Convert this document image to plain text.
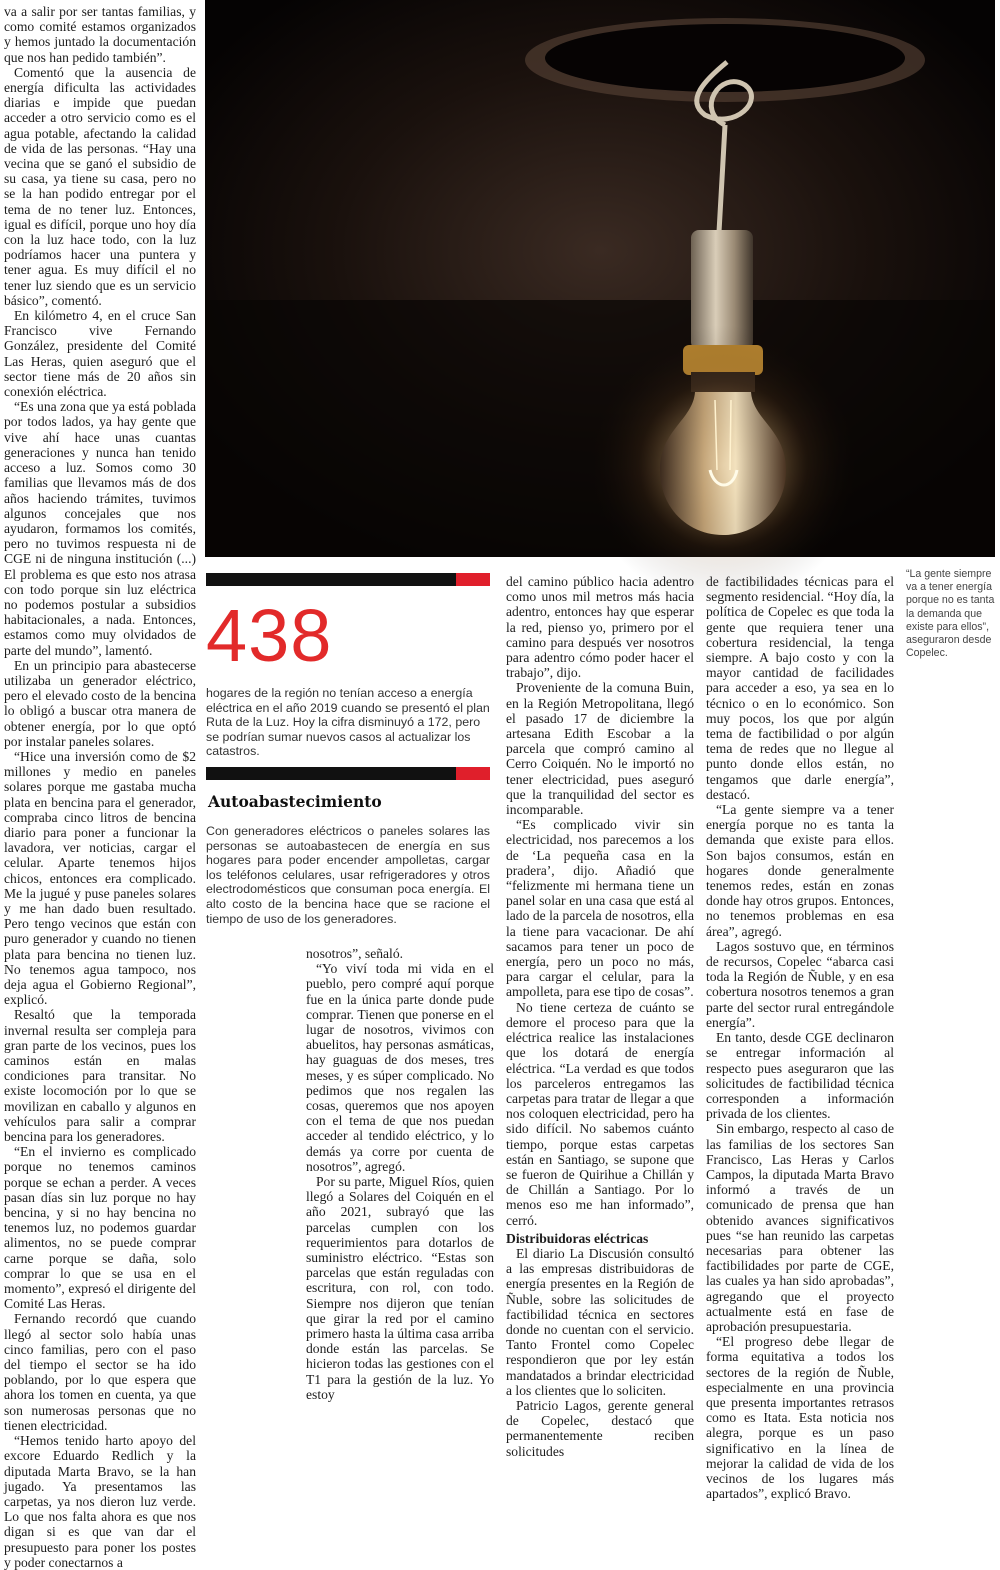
va a salir por ser tantas familias, y como comité estamos organizados y hemos juntado la documentación que nos han pedido también”.

Comentó que la ausencia de energía dificulta las actividades diarias e impide que puedan acceder a otro servicio como es el agua potable, afectando la calidad de vida de las personas. “Hay una vecina que se ganó el subsidio de su casa, ya tiene su casa, pero no se la han podido entregar por el tema de no tener luz. Entonces, igual es difícil, porque uno hoy día con la luz hace todo, con la luz podríamos hacer una puntera y tener agua. Es muy difícil el no tener luz siendo que es un servicio básico”, comentó.

En kilómetro 4, en el cruce San Francisco vive Fernando González, presidente del Comité Las Heras, quien aseguró que el sector tiene más de 20 años sin conexión eléctrica.

“Es una zona que ya está poblada por todos lados, ya hay gente que vive ahí hace unas cuantas generaciones y nunca han tenido acceso a luz. Somos como 30 familias que llevamos más de dos años haciendo trámites, tuvimos algunos concejales que nos ayudaron, formamos los comités, pero no tuvimos respuesta ni de CGE ni de ninguna institución (...) El problema es que esto nos atrasa con todo porque sin luz eléctrica no podemos postular a subsidios habitacionales, a nada. Entonces, estamos como muy olvidados de parte del mundo”, lamentó.

En un principio para abastecerse utilizaba un generador eléctrico, pero el elevado costo de la bencina lo obligó a buscar otra manera de obtener energía, por lo que optó por instalar paneles solares.

“Hice una inversión como de $2 millones y medio en paneles solares porque me gastaba mucha plata en bencina para el generador, compraba cinco litros de bencina diario para poner a funcionar la lavadora, ver noticias, cargar el celular. Aparte tenemos hijos chicos, entonces era complicado. Me la jugué y puse paneles solares y me han dado buen resultado. Pero tengo vecinos que están con puro generador y cuando no tienen plata para bencina no tienen luz. No tenemos agua tampoco, nos deja agua el Gobierno Regional”, explicó.

Resaltó que la temporada invernal resulta ser compleja para gran parte de los vecinos, pues los caminos están en malas condiciones para transitar. No existe locomoción por lo que se movilizan en caballo y algunos en vehículos para salir a comprar bencina para los generadores.

“En el invierno es complicado porque no tenemos caminos porque se echan a perder. A veces pasan días sin luz porque no hay bencina, y si no hay bencina no tenemos luz, no podemos guardar alimentos, no se puede comprar carne porque se daña, solo comprar lo que se usa en el momento”, expresó el dirigente del Comité Las Heras.

Fernando recordó que cuando llegó al sector solo había unas cinco familias, pero con el paso del tiempo el sector se ha ido poblando, por lo que espera que ahora los tomen en cuenta, ya que son numerosas personas que no tienen electricidad.

“Hemos tenido harto apoyo del excore Eduardo Redlich y la diputada Marta Bravo, se la han jugado. Ya presentamos las carpetas, ya nos dieron luz verde. Lo que nos falta ahora es que nos digan si es que van dar el presupuesto para poner los postes y poder conectarnos a

438
hogares de la región no tenían acceso a energía eléctrica en el año 2019 cuando se presentó el plan Ruta de la Luz. Hoy la cifra disminuyó a 172, pero se podrían sumar nuevos casos al actualizar los catastros.
Autoabastecimiento
Con generadores eléctricos o paneles solares las personas se autoabastecen de energía en sus hogares para poder encender ampolletas, cargar los teléfonos celulares, usar refrigeradores y otros electrodomésticos que consuman poca energía. El alto costo de la bencina hace que se racione el tiempo de uso de los generadores.

nosotros”, señaló.

“Yo viví toda mi vida en el pueblo, pero compré aquí porque fue en la única parte donde pude comprar. Tienen que ponerse en el lugar de nosotros, vivimos con abuelitos, hay personas asmáticas, hay guaguas de dos meses, tres meses, y es súper complicado. No pedimos que nos regalen las cosas, queremos que nos apoyen con el tema de que nos puedan acceder al tendido eléctrico, y lo demás ya corre por cuenta de nosotros”, agregó.

Por su parte, Miguel Ríos, quien llegó a Solares del Coiquén en el año 2021, subrayó que las parcelas cumplen con los requerimientos para dotarlos de suministro eléctrico. “Estas son parcelas que están reguladas con escritura, con rol, con todo. Siempre nos dijeron que tenían que girar la red por el camino primero hasta la última casa arriba donde están las parcelas. Se hicieron todas las gestiones con el T1 para la gestión de la luz. Yo estoy

del camino público hacia adentro como unos mil metros más hacia adentro, entonces hay que esperar la red, pienso yo, primero por el camino para después ver nosotros para adentro cómo poder hacer el trabajo”, dijo.

Proveniente de la comuna Buin, en la Región Metropolitana, llegó el pasado 17 de diciembre la artesana Edith Escobar a la parcela que compró camino al Cerro Coiquén. No le importó no tener electricidad, pues aseguró que la tranquilidad del sector es incomparable.

“Es complicado vivir sin electricidad, nos parecemos a los de ‘La pequeña casa en la pradera’, dijo. Añadió que “felizmente mi hermana tiene un panel solar en una casa que está al lado de la parcela de nosotros, ella la tiene para vacacionar. De ahí sacamos para tener un poco de energía, pero un poco no más, para cargar el celular, para la ampolleta, para ese tipo de cosas”.

No tiene certeza de cuánto se demore el proceso para que la eléctrica realice las instalaciones que los dotará de energía eléctrica. “La verdad es que todos los parceleros entregamos las carpetas para tratar de llegar a que nos coloquen electricidad, pero ha sido difícil. No sabemos cuánto tiempo, porque estas carpetas están en Santiago, se supone que se fueron de Quirihue a Chillán y de Chillán a Santiago. Por lo menos eso me han informado”, cerró.

Distribuidoras eléctricas

El diario La Discusión consultó a las empresas distribuidoras de energía presentes en la Región de Ñuble, sobre las solicitudes de factibilidad técnica en sectores donde no cuentan con el servicio. Tanto Frontel como Copelec respondieron que por ley están mandatados a brindar electricidad a los clientes que lo soliciten.

Patricio Lagos, gerente general de Copelec, destacó que permanentemente reciben solicitudes

de factibilidades técnicas para el segmento residencial. “Hoy día, la política de Copelec es que toda la gente que requiera tener una cobertura residencial, la tenga siempre. A bajo costo y con la mayor cantidad de facilidades para acceder a eso, ya sea en lo técnico o en lo económico. Son muy pocos, los que por algún tema de factibilidad o por algún tema de redes que no llegue al punto donde ellos están, no tengamos que darle energía”, destacó.

“La gente siempre va a tener energía porque no es tanta la demanda que existe para ellos. Son bajos consumos, están en hogares donde generalmente tenemos redes, están en zonas donde hay otros grupos. Entonces, no tenemos problemas en esa área”, agregó.

Lagos sostuvo que, en términos de recursos, Copelec “abarca casi toda la Región de Ñuble, y en esa cobertura nosotros tenemos a gran parte del sector rural entregándole energía”.

En tanto, desde CGE declinaron se entregar información al respecto pues aseguraron que las solicitudes de factibilidad técnica corresponden a información privada de los clientes.

Sin embargo, respecto al caso de las familias de los sectores San Francisco, Las Heras y Carlos Campos, la diputada Marta Bravo informó a través de un comunicado de prensa que han obtenido avances significativos pues “se han reunido las carpetas necesarias para obtener las factibilidades por parte de CGE, las cuales ya han sido aprobadas”, agregando que el proyecto actualmente está en fase de aprobación presupuestaria.

“El progreso debe llegar de forma equitativa a todos los sectores de la región de Ñuble, especialmente en una provincia que presenta importantes retrasos como es Itata. Esta noticia nos alegra, porque es un paso significativo en la línea de mejorar la calidad de vida de los vecinos de los lugares más apartados”, explicó Bravo.

“La gente siempre va a tener energía porque no es tanta la demanda que existe para ellos”, aseguraron desde Copelec.
